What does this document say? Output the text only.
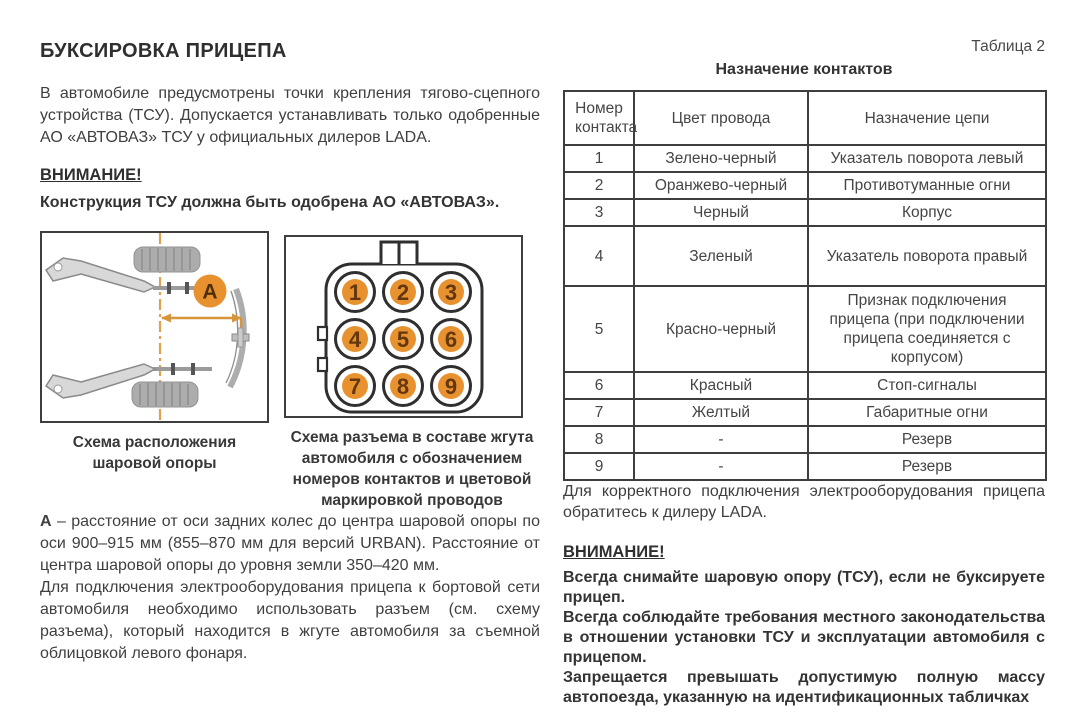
БУКСИРОВКА ПРИЦЕПА

В автомобиле предусмотрены точки крепления тягово-сцепного устройства (ТСУ). Допускается устанавливать только одобренные АО «АВТОВАЗ» ТСУ у официальных дилеров LADA.

ВНИМАНИЕ!

Конструкция ТСУ должна быть одобрена АО «АВТОВАЗ».

A
Схема расположения шаровой опоры
1 2 3
4 5 6
7 8 9
Схема разъема в составе жгута автомобиля с обозначением номеров контактов и цветовой маркировкой проводов

А – расстояние от оси задних колес до центра шаровой опоры по оси 900–915 мм (855–870 мм для версий URBAN). Расстояние от центра шаровой опоры до уровня земли 350–420 мм.

Для подключения электрооборудования прицепа к бортовой сети автомобиля необходимо использовать разъем (см. схему разъема), который находится в жгуте автомобиля за съемной облицовкой левого фонаря.

Таблица 2
Назначение контактов
Номер контакта	Цвет провода	Назначение цепи
1	Зелено-черный	Указатель поворота левый
2	Оранжево-черный	Противотуманные огни
3	Черный	Корпус
4	Зеленый	Указатель поворота правый
5	Красно-черный	Признак подключения прицепа (при подключении прицепа соединяется с корпусом)
6	Красный	Стоп-сигналы
7	Желтый	Габаритные огни
8	-	Резерв
9	-	Резерв

Для корректного подключения электрооборудования прицепа обратитесь к дилеру LADA.

ВНИМАНИЕ!

Всегда снимайте шаровую опору (ТСУ), если не буксируете прицеп.

Всегда соблюдайте требования местного законодательства в отношении установки ТСУ и эксплуатации автомобиля с прицепом.

Запрещается превышать допустимую полную массу автопоезда, указанную на идентификационных табличках
